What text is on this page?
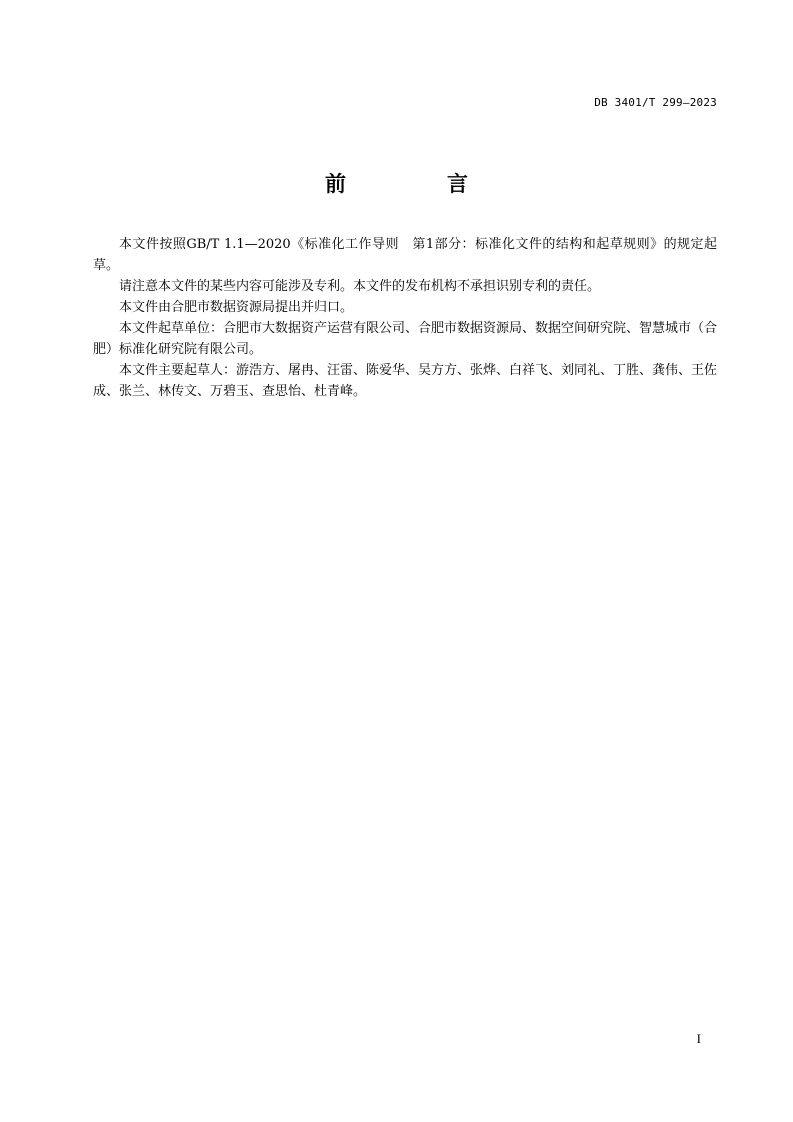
DB 3401/T 299—2023
前　言

本文件按照GB/T 1.1—2020《标准化工作导则　第1部分：标准化文件的结构和起草规则》的规定起草。

请注意本文件的某些内容可能涉及专利。本文件的发布机构不承担识别专利的责任。

本文件由合肥市数据资源局提出并归口。

本文件起草单位：合肥市大数据资产运营有限公司、合肥市数据资源局、数据空间研究院、智慧城市（合肥）标准化研究院有限公司。

本文件主要起草人：游浩方、屠冉、汪雷、陈爱华、吴方方、张烨、白祥飞、刘同礼、丁胜、龚伟、王佐成、张兰、林传文、万碧玉、查思怡、杜青峰。

I
